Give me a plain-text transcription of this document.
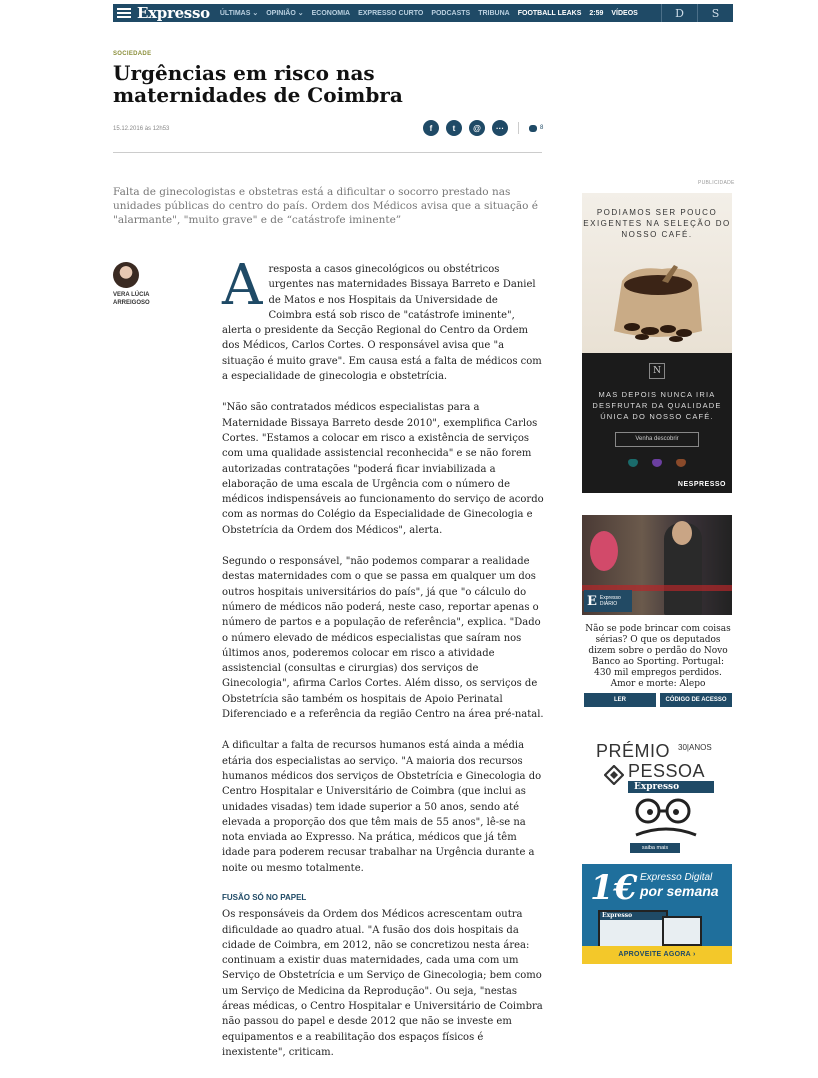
Expresso ÚLTIMAS ⌄ OPINIÃO ⌄ ECONOMIA EXPRESSO CURTO PODCASTS TRIBUNA FOOTBALL LEAKS 2:59 VÍDEOS	D	S
SOCIEDADE
Urgências em risco nas maternidades de Coimbra
15.12.2016 às 12h53	f	t	@	···	8

Falta de ginecologistas e obstetras está a dificultar o socorro prestado nas unidades públicas do centro do país. Ordem dos Médicos avisa que a situação é "alarmante", "muito grave" e de “catástrofe iminente”

VERA LÚCIA ARREIGOSO	Aresposta a casos ginecológicos ou obstétricos urgentes nas maternidades Bissaya Barreto e Daniel de Matos e nos Hospitais da Universidade de Coimbra está sob risco de "catástrofe iminente", alerta o presidente da Secção Regional do Centro da Ordem dos Médicos, Carlos Cortes. O responsável avisa que "a situação é muito grave". Em causa está a falta de médicos com a especialidade de ginecologia e obstetrícia.

"Não são contratados médicos especialistas para a Maternidade Bissaya Barreto desde 2010", exemplifica Carlos Cortes. "Estamos a colocar em risco a existência de serviços com uma qualidade assistencial reconhecida" e se não forem autorizadas contratações "poderá ficar inviabilizada a elaboração de uma escala de Urgência com o número de médicos indispensáveis ao funcionamento do serviço de acordo com as normas do Colégio da Especialidade de Ginecologia e Obstetrícia da Ordem dos Médicos", alerta.

Segundo o responsável, "não podemos comparar a realidade destas maternidades com o que se passa em qualquer um dos outros hospitais universitários do país", já que "o cálculo do número de médicos não poderá, neste caso, reportar apenas o número de partos e a população de referência", explica. "Dado o número elevado de médicos especialistas que saíram nos últimos anos, poderemos colocar em risco a atividade assistencial (consultas e cirurgias) dos serviços de Ginecologia", afirma Carlos Cortes. Além disso, os serviços de Obstetrícia são também os hospitais de Apoio Perinatal Diferenciado e a referência da região Centro na área pré-natal.

A dificultar a falta de recursos humanos está ainda a média etária dos especialistas ao serviço. "A maioria dos recursos humanos médicos dos serviços de Obstetrícia e Ginecologia do Centro Hospitalar e Universitário de Coimbra (que inclui as unidades visadas) tem idade superior a 50 anos, sendo até elevada a proporção dos que têm mais de 55 anos", lê-se na nota enviada ao Expresso. Na prática, médicos que já têm idade para poderem recusar trabalhar na Urgência durante a noite ou mesmo totalmente.

FUSÃO SÓ NO PAPEL

Os responsáveis da Ordem dos Médicos acrescentam outra dificuldade ao quadro atual. "A fusão dos dois hospitais da cidade de Coimbra, em 2012, não se concretizou nesta área: continuam a existir duas maternidades, cada uma com um Serviço de Obstetrícia e um Serviço de Ginecologia; bem como um Serviço de Medicina da Reprodução". Ou seja, "nestas áreas médicas, o Centro Hospitalar e Universitário de Coimbra não passou do papel e desde 2012 que não se investe em equipamentos e a reabilitação dos espaços físicos é inexistente", criticam.

PUBLICIDADE
PODIAMOS SER POUCO EXIGENTES NA SELEÇÃO DO NOSSO CAFÉ.
N
MAS DEPOIS NUNCA IRIA DESFRUTAR DA QUALIDADE ÚNICA DO NOSSO CAFÉ.
Venha descobrir
NESPRESSO
E Expresso
DIÁRIO
Não se pode brincar com coisas sérias? O que os deputados dizem sobre o perdão do Novo Banco ao Sporting. Portugal: 430 mil empregos perdidos. Amor e morte: Alepo
LER	CÓDIGO DE ACESSO
PRÉMIO 30|ANOS
PESSOA
Expresso
saiba mais
1€ Expresso Digital
por semana
Expresso
APROVEITE AGORA ›
